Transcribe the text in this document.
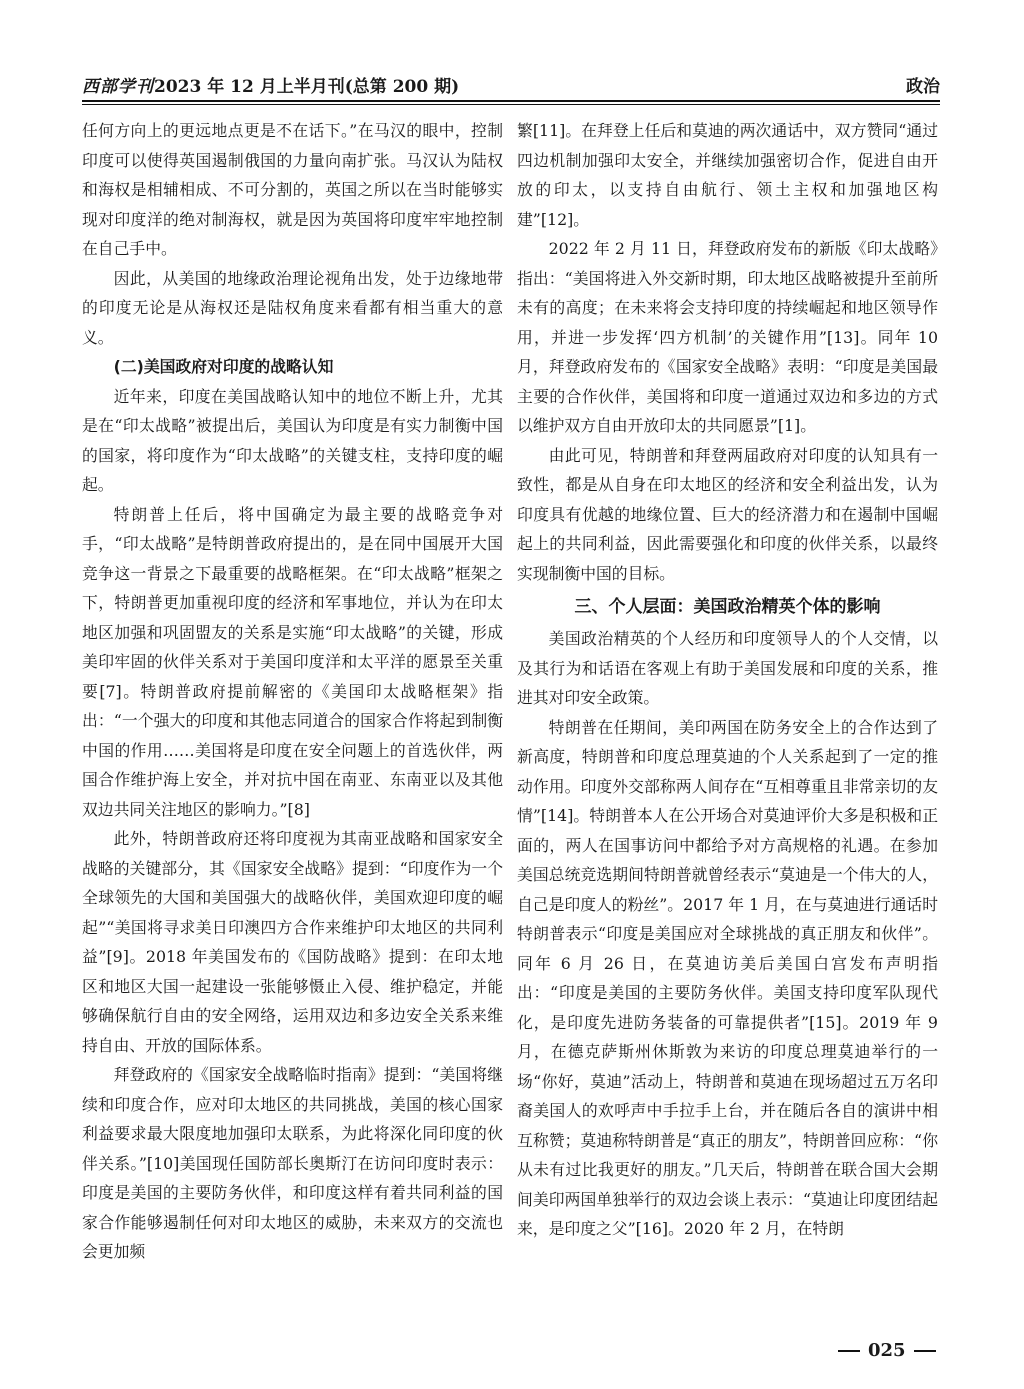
西部学刊2023 年 12 月上半月刊(总第 200 期)	政治

任何方向上的更远地点更是不在话下。”在马汉的眼中，控制印度可以使得英国遏制俄国的力量向南扩张。马汉认为陆权和海权是相辅相成、不可分割的，英国之所以在当时能够实现对印度洋的绝对制海权，就是因为英国将印度牢牢地控制在自己手中。

因此，从美国的地缘政治理论视角出发，处于边缘地带的印度无论是从海权还是陆权角度来看都有相当重大的意义。

(二)美国政府对印度的战略认知

近年来，印度在美国战略认知中的地位不断上升，尤其是在“印太战略”被提出后，美国认为印度是有实力制衡中国的国家，将印度作为“印太战略”的关键支柱，支持印度的崛起。

特朗普上任后，将中国确定为最主要的战略竞争对手，“印太战略”是特朗普政府提出的，是在同中国展开大国竞争这一背景之下最重要的战略框架。在“印太战略”框架之下，特朗普更加重视印度的经济和军事地位，并认为在印太地区加强和巩固盟友的关系是实施“印太战略”的关键，形成美印牢固的伙伴关系对于美国印度洋和太平洋的愿景至关重要[7]。特朗普政府提前解密的《美国印太战略框架》指出：“一个强大的印度和其他志同道合的国家合作将起到制衡中国的作用……美国将是印度在安全问题上的首选伙伴，两国合作维护海上安全，并对抗中国在南亚、东南亚以及其他双边共同关注地区的影响力。”[8]

此外，特朗普政府还将印度视为其南亚战略和国家安全战略的关键部分，其《国家安全战略》提到：“印度作为一个全球领先的大国和美国强大的战略伙伴，美国欢迎印度的崛起”“美国将寻求美日印澳四方合作来维护印太地区的共同利益”[9]。2018 年美国发布的《国防战略》提到：在印太地区和地区大国一起建设一张能够慑止入侵、维护稳定，并能够确保航行自由的安全网络，运用双边和多边安全关系来维持自由、开放的国际体系。

拜登政府的《国家安全战略临时指南》提到：“美国将继续和印度合作，应对印太地区的共同挑战，美国的核心国家利益要求最大限度地加强印太联系，为此将深化同印度的伙伴关系。”[10]美国现任国防部长奥斯汀在访问印度时表示：印度是美国的主要防务伙伴，和印度这样有着共同利益的国家合作能够遏制任何对印太地区的威胁，未来双方的交流也会更加频

繁[11]。在拜登上任后和莫迪的两次通话中，双方赞同“通过四边机制加强印太安全，并继续加强密切合作，促进自由开放的印太，以支持自由航行、领土主权和加强地区构建”[12]。

2022 年 2 月 11 日，拜登政府发布的新版《印太战略》指出：“美国将进入外交新时期，印太地区战略被提升至前所未有的高度；在未来将会支持印度的持续崛起和地区领导作用，并进一步发挥‘四方机制’的关键作用”[13]。同年 10 月，拜登政府发布的《国家安全战略》表明：“印度是美国最主要的合作伙伴，美国将和印度一道通过双边和多边的方式以维护双方自由开放印太的共同愿景”[1]。

由此可见，特朗普和拜登两届政府对印度的认知具有一致性，都是从自身在印太地区的经济和安全利益出发，认为印度具有优越的地缘位置、巨大的经济潜力和在遏制中国崛起上的共同利益，因此需要强化和印度的伙伴关系，以最终实现制衡中国的目标。

三、个人层面：美国政治精英个体的影响

美国政治精英的个人经历和印度领导人的个人交情，以及其行为和话语在客观上有助于美国发展和印度的关系，推进其对印安全政策。

特朗普在任期间，美印两国在防务安全上的合作达到了新高度，特朗普和印度总理莫迪的个人关系起到了一定的推动作用。印度外交部称两人间存在“互相尊重且非常亲切的友情”[14]。特朗普本人在公开场合对莫迪评价大多是积极和正面的，两人在国事访问中都给予对方高规格的礼遇。在参加美国总统竞选期间特朗普就曾经表示“莫迪是一个伟大的人，自己是印度人的粉丝”。2017 年 1 月，在与莫迪进行通话时特朗普表示“印度是美国应对全球挑战的真正朋友和伙伴”。同年 6 月 26 日，在莫迪访美后美国白宫发布声明指出：“印度是美国的主要防务伙伴。美国支持印度军队现代化，是印度先进防务装备的可靠提供者”[15]。2019 年 9 月，在德克萨斯州休斯敦为来访的印度总理莫迪举行的一场“你好，莫迪”活动上，特朗普和莫迪在现场超过五万名印裔美国人的欢呼声中手拉手上台，并在随后各自的演讲中相互称赞；莫迪称特朗普是“真正的朋友”，特朗普回应称：“你从未有过比我更好的朋友。”几天后，特朗普在联合国大会期间美印两国单独举行的双边会谈上表示：“莫迪让印度团结起来，是印度之父”[16]。2020 年 2 月，在特朗

025
